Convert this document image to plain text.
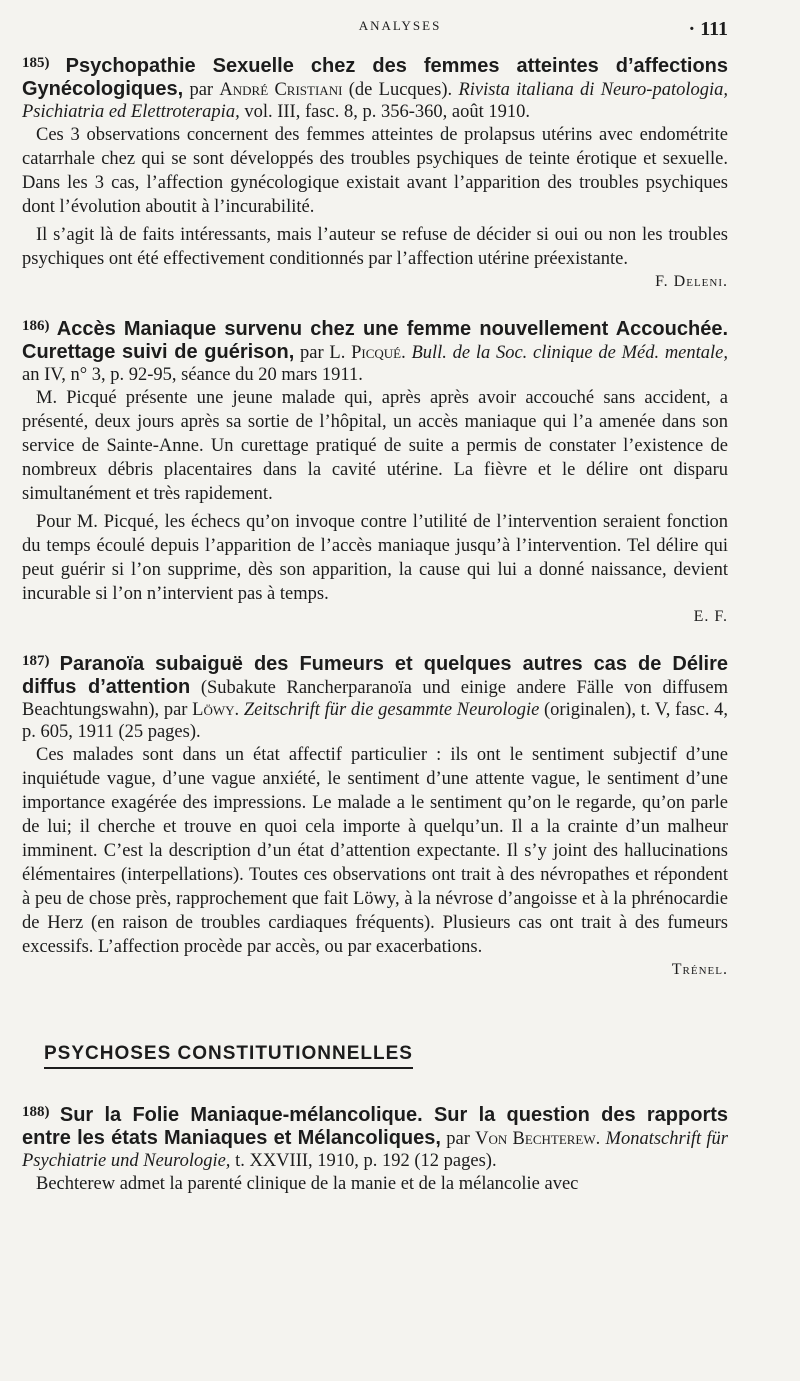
ANALYSES	· 111

$^{185)}$ Psychopathie Sexuelle chez des femmes atteintes d’affections Gynécologiques, par André Cristiani (de Lucques). Rivista italiana di Neuro-patologia, Psichiatria ed Elettroterapia, vol. III, fasc. 8, p. 356-360, août 1910.

Ces 3 observations concernent des femmes atteintes de prolapsus utérins avec endométrite catarrhale chez qui se sont développés des troubles psychiques de teinte érotique et sexuelle. Dans les 3 cas, l’affection gynécologique existait avant l’apparition des troubles psychiques dont l’évolution aboutit à l’incurabilité.

Il s’agit là de faits intéressants, mais l’auteur se refuse de décider si oui ou non les troubles psychiques ont été effectivement conditionnés par l’affection utérine préexistante.

F. Deleni.

$^{186)}$ Accès Maniaque survenu chez une femme nouvellement Accouchée. Curettage suivi de guérison, par L. Picqué. Bull. de la Soc. clinique de Méd. mentale, an IV, n° 3, p. 92-95, séance du 20 mars 1911.

M. Picqué présente une jeune malade qui, après après avoir accouché sans accident, a présenté, deux jours après sa sortie de l’hôpital, un accès maniaque qui l’a amenée dans son service de Sainte-Anne. Un curettage pratiqué de suite a permis de constater l’existence de nombreux débris placentaires dans la cavité utérine. La fièvre et le délire ont disparu simultanément et très rapidement.

Pour M. Picqué, les échecs qu’on invoque contre l’utilité de l’intervention seraient fonction du temps écoulé depuis l’apparition de l’accès maniaque jusqu’à l’intervention. Tel délire qui peut guérir si l’on supprime, dès son apparition, la cause qui lui a donné naissance, devient incurable si l’on n’intervient pas à temps.

E. F.

$^{187)}$ Paranoïa subaiguë des Fumeurs et quelques autres cas de Délire diffus d’attention (Subakute Rancherparanoïa und einige andere Fälle von diffusem Beachtungswahn), par Löwy. Zeitschrift für die gesammte Neurologie (originalen), t. V, fasc. 4, p. 605, 1911 (25 pages).

Ces malades sont dans un état affectif particulier : ils ont le sentiment subjectif d’une inquiétude vague, d’une vague anxiété, le sentiment d’une attente vague, le sentiment d’une importance exagérée des impressions. Le malade a le sentiment qu’on le regarde, qu’on parle de lui; il cherche et trouve en quoi cela importe à quelqu’un. Il a la crainte d’un malheur imminent. C’est la description d’un état d’attention expectante. Il s’y joint des hallucinations élémentaires (interpellations). Toutes ces observations ont trait à des névropathes et répondent à peu de chose près, rapprochement que fait Löwy, à la névrose d’angoisse et à la phrénocardie de Herz (en raison de troubles cardiaques fréquents). Plusieurs cas ont trait à des fumeurs excessifs. L’affection procède par accès, ou par exacerbations.

Trénel.

PSYCHOSES CONSTITUTIONNELLES

$^{188)}$ Sur la Folie Maniaque-mélancolique. Sur la question des rapports entre les états Maniaques et Mélancoliques, par Von Bechterew. Monatschrift für Psychiatrie und Neurologie, t. XXVIII, 1910, p. 192 (12 pages).

Bechterew admet la parenté clinique de la manie et de la mélancolie avec
